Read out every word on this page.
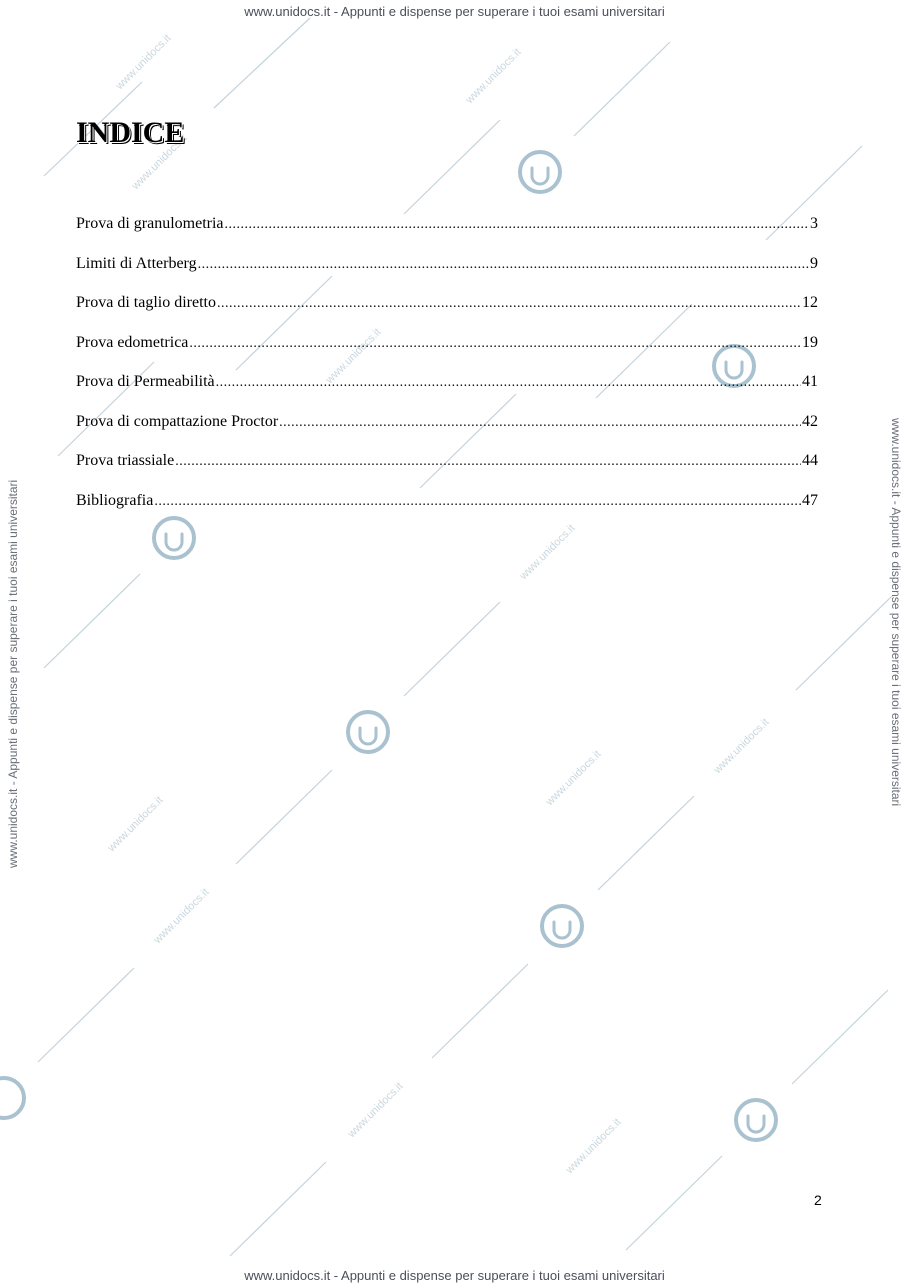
www.unidocs.it
www.unidocs.it
www.unidocs.it
www.unidocs.it
www.unidocs.it
www.unidocs.it
www.unidocs.it	www.unidocs.it
www.unidocs.it
www.unidocs.it
www.unidocs.it
www.unidocs.it - Appunti e dispense per superare i tuoi esami universitari
www.unidocs.it - Appunti e dispense per superare i tuoi esami universitari	www.unidocs.it - Appunti e dispense per superare i tuoi esami universitari
www.unidocs.it - Appunti e dispense per superare i tuoi esami universitari
INDICE
Prova di granulometria .....	3
Limiti di Atterberg .....	9
Prova di taglio diretto .....	12
Prova edometrica .....	19
Prova di Permeabilità .....	41
Prova di compattazione Proctor .....	42
Prova triassiale .....	44
Bibliografia .....	47
2
